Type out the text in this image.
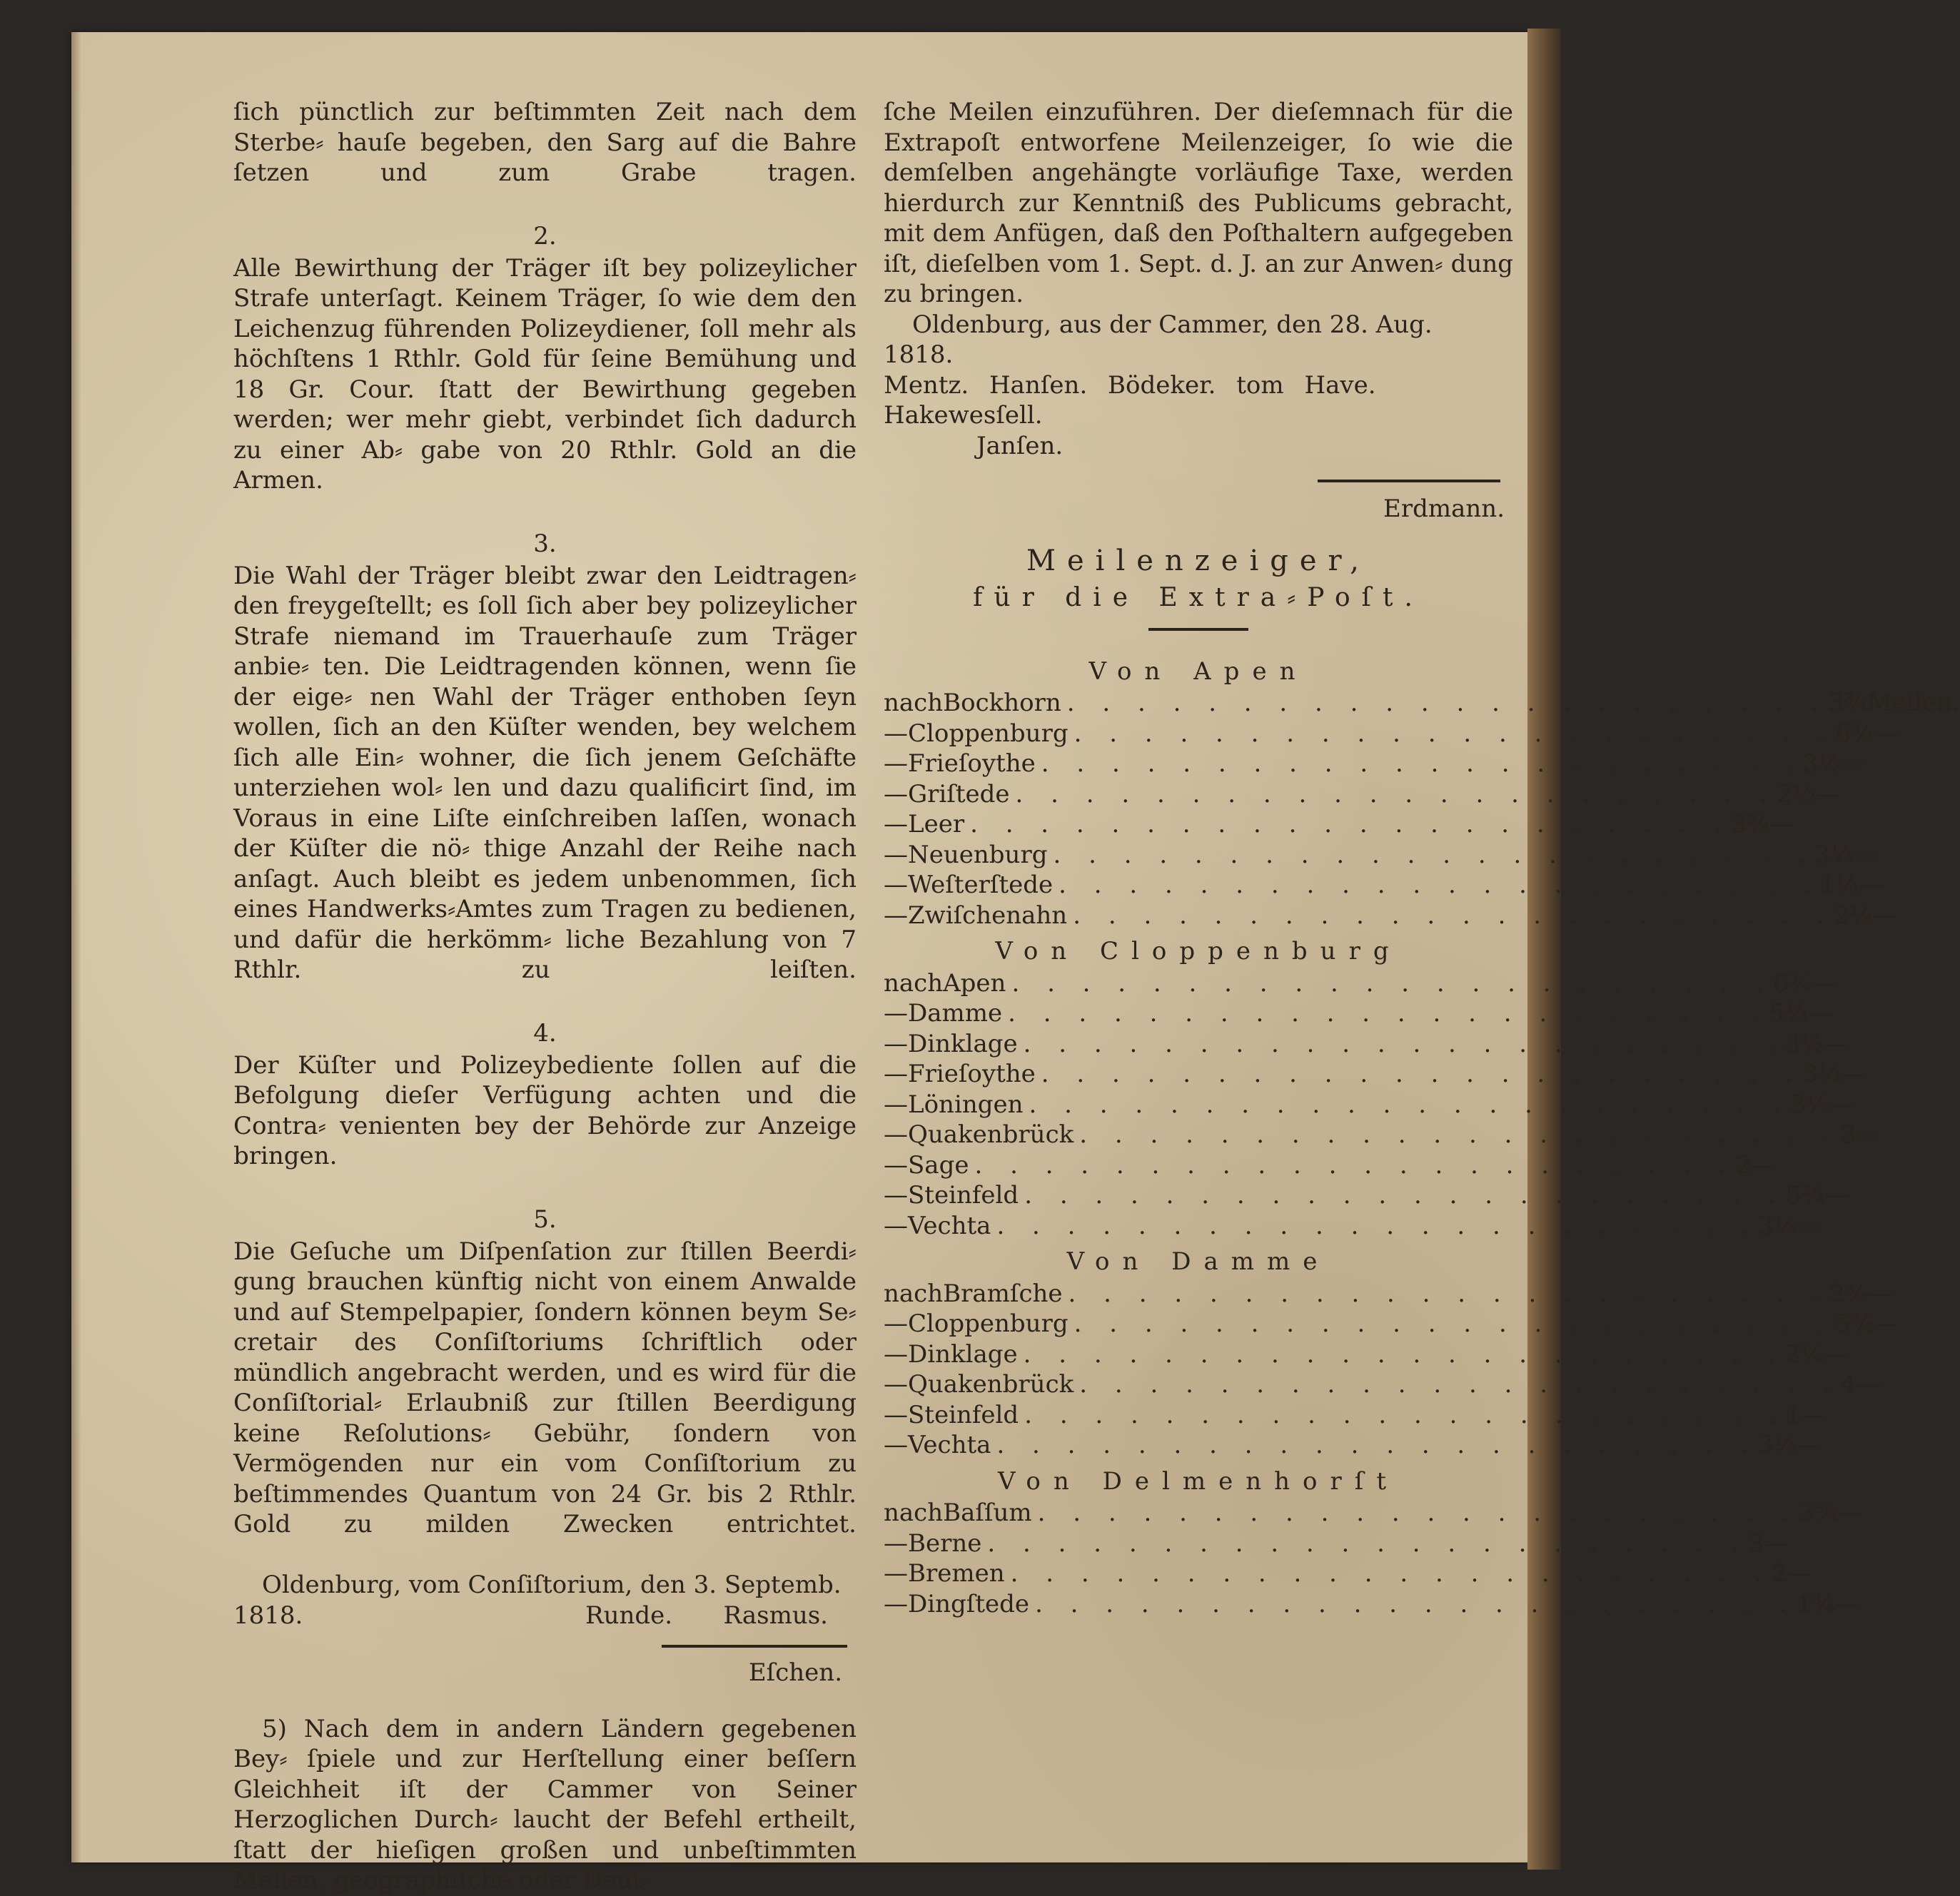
ſich pünctlich zur beſtimmten Zeit nach dem Sterbe⸗ hauſe begeben, den Sarg auf die Bahre ſetzen und zum Grabe tragen.

2.

Alle Bewirthung der Träger iſt bey polizeylicher Strafe unterſagt. Keinem Träger, ſo wie dem den Leichenzug führenden Polizeydiener, ſoll mehr als höchſtens 1 Rthlr. Gold für ſeine Bemühung und 18 Gr. Cour. ſtatt der Bewirthung gegeben werden; wer mehr giebt, verbindet ſich dadurch zu einer Ab⸗ gabe von 20 Rthlr. Gold an die Armen.

3.

Die Wahl der Träger bleibt zwar den Leidtragen⸗ den freygeſtellt; es ſoll ſich aber bey polizeylicher Strafe niemand im Trauerhauſe zum Träger anbie⸗ ten. Die Leidtragenden können, wenn ſie der eige⸗ nen Wahl der Träger enthoben ſeyn wollen, ſich an den Küſter wenden, bey welchem ſich alle Ein⸗ wohner, die ſich jenem Geſchäfte unterziehen wol⸗ len und dazu qualificirt ſind, im Voraus in eine Liſte einſchreiben laſſen, wonach der Küſter die nö⸗ thige Anzahl der Reihe nach anſagt. Auch bleibt es jedem unbenommen, ſich eines Handwerks⸗Amtes zum Tragen zu bedienen, und dafür die herkömm⸗ liche Bezahlung von 7 Rthlr. zu leiſten.

4.

Der Küſter und Polizeybediente ſollen auf die Befolgung dieſer Verfügung achten und die Contra⸗ venienten bey der Behörde zur Anzeige bringen.

5.

Die Geſuche um Diſpenſation zur ſtillen Beerdi⸗ gung brauchen künftig nicht von einem Anwalde und auf Stempelpapier, ſondern können beym Se⸗ cretair des Conſiſtoriums ſchriftlich oder mündlich angebracht werden, und es wird für die Conſiſtorial⸗ Erlaubniß zur ſtillen Beerdigung keine Reſolutions⸗ Gebühr, ſondern von Vermögenden nur ein vom Conſiſtorium zu beſtimmendes Quantum von 24 Gr. bis 2 Rthlr. Gold zu milden Zwecken entrichtet.

Oldenburg, vom Conſiſtorium, den 3. Septemb.
1818.	Runde. Rasmus.
Eſchen.

5) Nach dem in andern Ländern gegebenen Bey⸗ ſpiele und zur Herſtellung einer beſſern Gleichheit iſt der Cammer von Seiner Herzoglichen Durch⸗ laucht der Befehl ertheilt, ſtatt der hieſigen großen und unbeſtimmten Meilen, geographiſche oder Deut⸗

ſche Meilen einzuführen. Der dieſemnach für die Extrapoſt entworfene Meilenzeiger, ſo wie die demſelben angehängte vorläufige Taxe, werden hierdurch zur Kenntniß des Publicums gebracht, mit dem Anfügen, daß den Poſthaltern aufgegeben iſt, dieſelben vom 1. Sept. d. J. an zur Anwen⸗ dung zu bringen.

Oldenburg, aus der Cammer, den 28. Aug.
1818.
Mentz. Hanſen. Bödeker. tom Have. Hakewesſell.
Janſen.
Erdmann.
Meilenzeiger,
für die Extra⸗Poſt.
Von Apen
nach Bockhorn . . . . . . . . . . . . . . . . . . . . . . 3¾ Meilen.
— Cloppenburg . . . . . . . . . . . . . . . . . . . . . . 6¾ —
— Frieſoythe . . . . . . . . . . . . . . . . . . . . . . 3½ —
— Griſtede . . . . . . . . . . . . . . . . . . . . . . 2½ —
— Leer . . . . . . . . . . . . . . . . . . . . . . 3¾ —
— Neuenburg . . . . . . . . . . . . . . . . . . . . . . 3¼ —
— Weſterſtede . . . . . . . . . . . . . . . . . . . . . . 1¼ —
— Zwiſchenahn . . . . . . . . . . . . . . . . . . . . . . 2¼ —
Von Cloppenburg
nach Apen . . . . . . . . . . . . . . . . . . . . . . 6¾ —
— Damme . . . . . . . . . . . . . . . . . . . . . . 5¼ —
— Dinklage . . . . . . . . . . . . . . . . . . . . . . 3½ —
— Frieſoythe . . . . . . . . . . . . . . . . . . . . . . 3¼ —
— Löningen . . . . . . . . . . . . . . . . . . . . . . 3½ —
— Quakenbrück . . . . . . . . . . . . . . . . . . . . . . 3 —
— Sage . . . . . . . . . . . . . . . . . . . . . . 2 —
— Steinfeld . . . . . . . . . . . . . . . . . . . . . . 5¾ —
— Vechta . . . . . . . . . . . . . . . . . . . . . . 3¼ —
Von Damme
nach Bramſche . . . . . . . . . . . . . . . . . . . . . . 2¾ —
— Cloppenburg . . . . . . . . . . . . . . . . . . . . . . 5¾ —
— Dinklage . . . . . . . . . . . . . . . . . . . . . . 2¼ —
— Quakenbrück . . . . . . . . . . . . . . . . . . . . . . 4 —
— Steinfeld . . . . . . . . . . . . . . . . . . . . . . 1 —
— Vechta . . . . . . . . . . . . . . . . . . . . . . 3½ —
Von Delmenhorſt
nach Baſſum . . . . . . . . . . . . . . . . . . . . . . 3¾ —
— Berne . . . . . . . . . . . . . . . . . . . . . . 3 —
— Bremen . . . . . . . . . . . . . . . . . . . . . . 2 —
— Dingſtede . . . . . . . . . . . . . . . . . . . . . . 1¾ —
